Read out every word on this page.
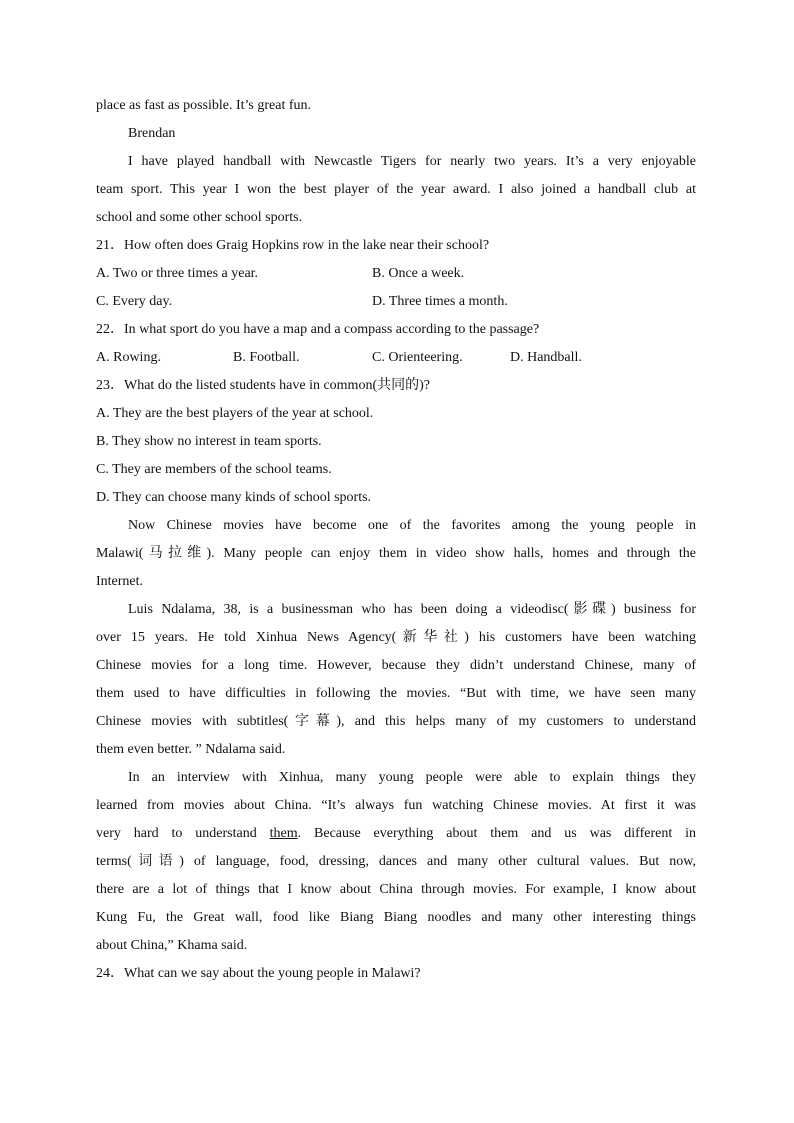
place as fast as possible. It’s great fun.
Brendan
I have played handball with Newcastle Tigers for nearly two years. It’s a very enjoyable
team sport. This year I won the best player of the year award. I also joined a handball club at
school and some other school sports.
21．How often does Graig Hopkins row in the lake near their school?
A. Two or three times a year.	B. Once a week.
C. Every day.	D. Three times a month.
22．In what sport do you have a map and a compass according to the passage?
A. Rowing.	B. Football.	C. Orienteering.	D. Handball.
23．What do the listed students have in common(共同的)?
A. They are the best players of the year at school.
B. They show no interest in team sports.
C. They are members of the school teams.
D. They can choose many kinds of school sports.
Now Chinese movies have become one of the favorites among the young people in
Malawi(马拉维). Many people can enjoy them in video show halls, homes and through the
Internet.
Luis Ndalama, 38, is a businessman who has been doing a videodisc(影碟) business for
over 15 years. He told Xinhua News Agency(新华社) his customers have been watching
Chinese movies for a long time. However, because they didn’t understand Chinese, many of
them used to have difficulties in following the movies. “But with time, we have seen many
Chinese movies with subtitles(字幕), and this helps many of my customers to understand
them even better. ” Ndalama said.
In an interview with Xinhua, many young people were able to explain things they
learned from movies about China. “It’s always fun watching Chinese movies. At first it was
very hard to understand them. Because everything about them and us was different in
terms(词语) of language, food, dressing, dances and many other cultural values. But now,
there are a lot of things that I know about China through movies. For example, I know about
Kung Fu, the Great wall, food like Biang Biang noodles and many other interesting things
about China,” Khama said.
24．What can we say about the young people in Malawi?
